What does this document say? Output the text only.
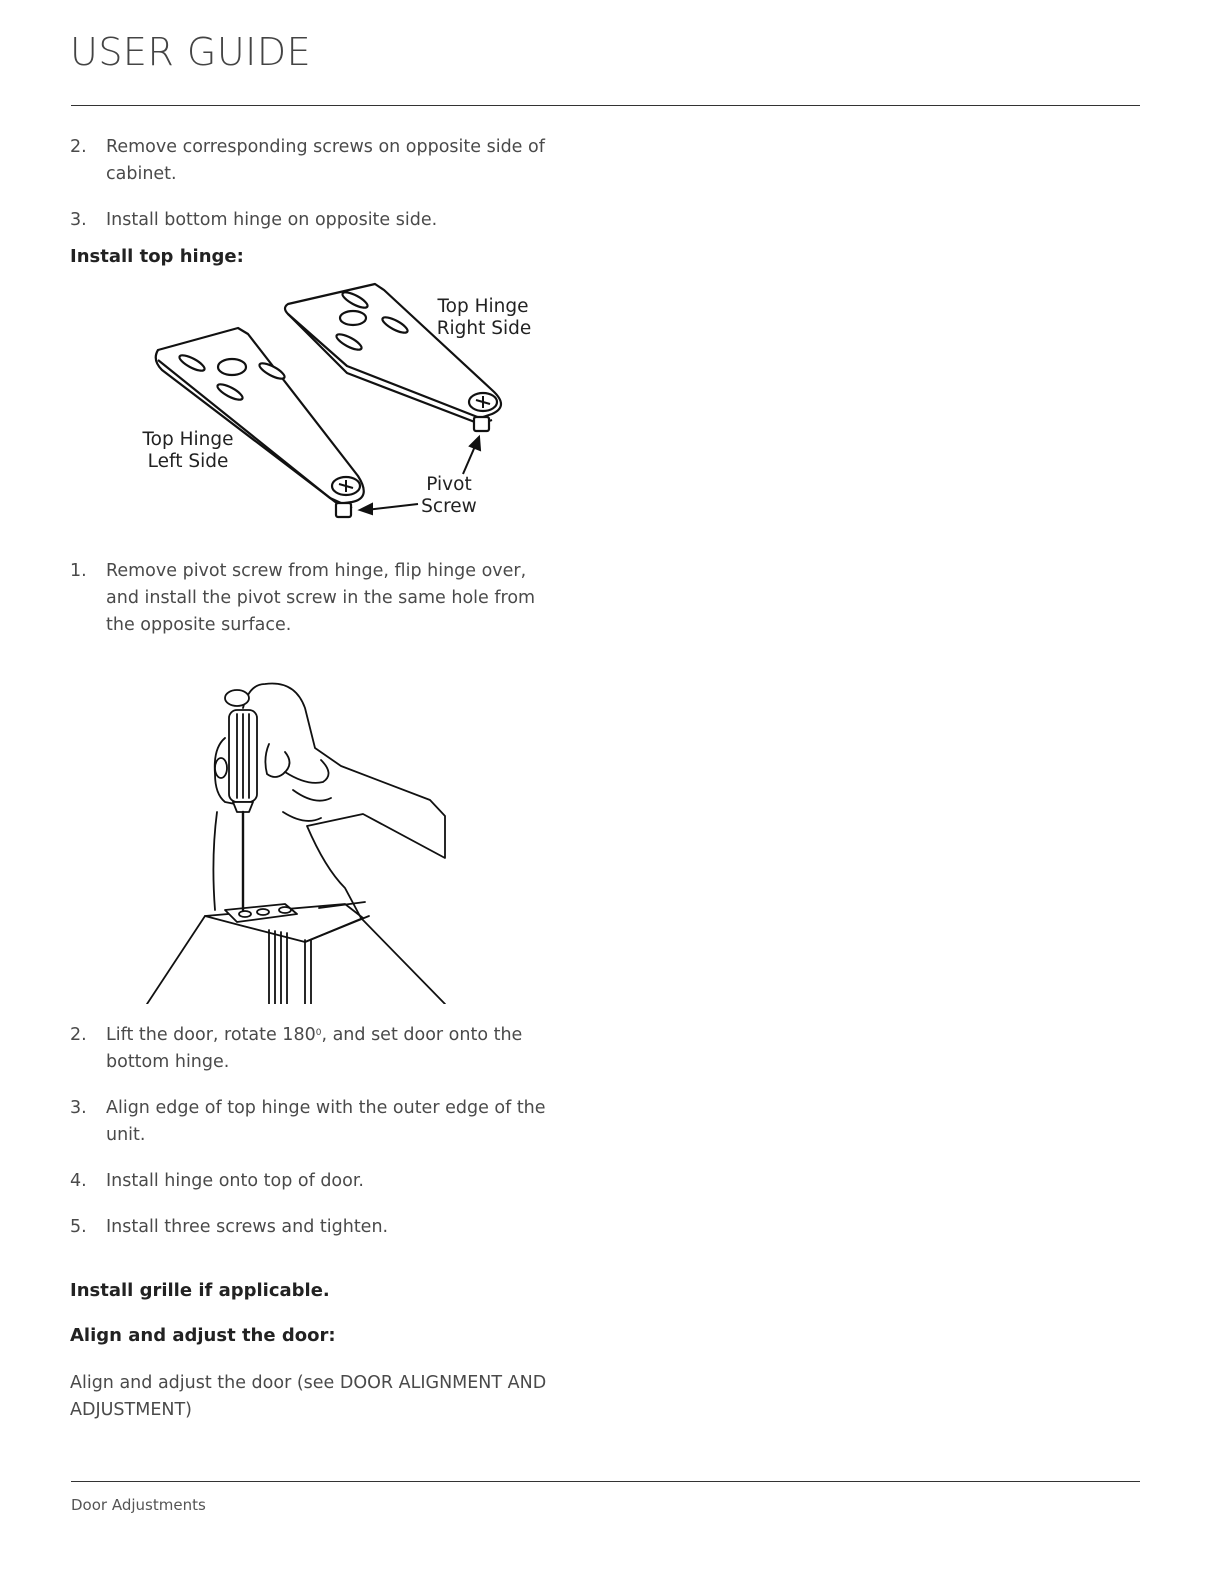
USER GUIDE
2. Remove corresponding screws on opposite side of cabinet.
3. Install bottom hinge on opposite side.
Install top hinge:
Top Hinge
Right Side
Top Hinge
Left Side
Pivot
Screw
1. Remove pivot screw from hinge, flip hinge over, and install the pivot screw in the same hole from the opposite surface.
2. Lift the door, rotate $180^0$, and set door onto the bottom hinge.
3. Align edge of top hinge with the outer edge of the unit.
4. Install hinge onto top of door.
5. Install three screws and tighten.
Install grille if applicable.
Align and adjust the door:
Align and adjust the door (see DOOR ALIGNMENT AND ADJUSTMENT)
Door Adjustments
